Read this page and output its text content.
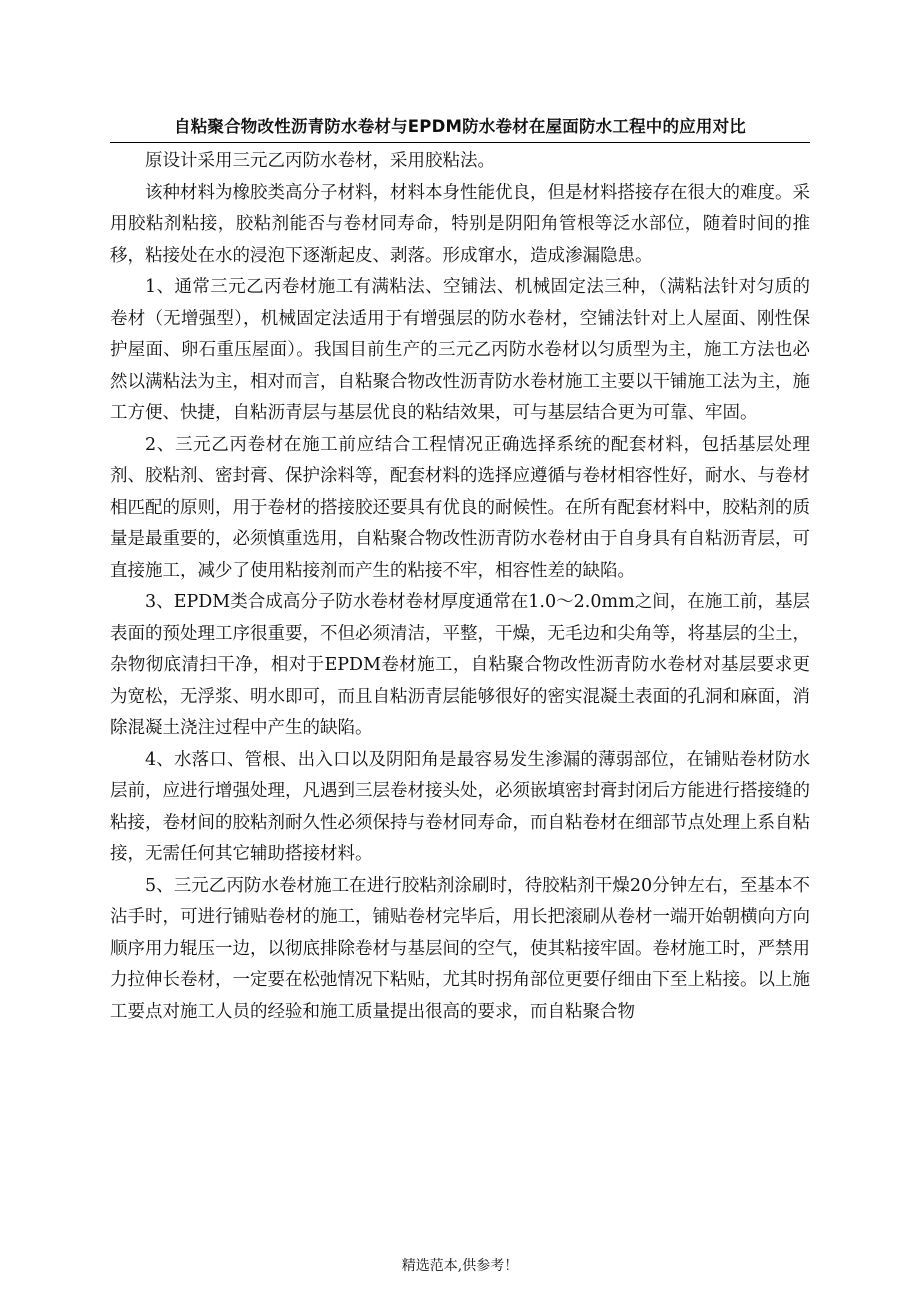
自粘聚合物改性沥青防水卷材与EPDM防水卷材在屋面防水工程中的应用对比

原设计采用三元乙丙防水卷材，采用胶粘法。

该种材料为橡胶类高分子材料，材料本身性能优良，但是材料搭接存在很大的难度。采用胶粘剂粘接，胶粘剂能否与卷材同寿命，特别是阴阳角管根等泛水部位，随着时间的推移，粘接处在水的浸泡下逐渐起皮、剥落。形成窜水，造成渗漏隐患。

1、通常三元乙丙卷材施工有满粘法、空铺法、机械固定法三种，（满粘法针对匀质的卷材（无增强型），机械固定法适用于有增强层的防水卷材，空铺法针对上人屋面、刚性保护屋面、卵石重压屋面）。我国目前生产的三元乙丙防水卷材以匀质型为主，施工方法也必然以满粘法为主，相对而言，自粘聚合物改性沥青防水卷材施工主要以干铺施工法为主，施工方便、快捷，自粘沥青层与基层优良的粘结效果，可与基层结合更为可靠、牢固。

2、三元乙丙卷材在施工前应结合工程情况正确选择系统的配套材料，包括基层处理剂、胶粘剂、密封膏、保护涂料等，配套材料的选择应遵循与卷材相容性好，耐水、与卷材相匹配的原则，用于卷材的搭接胶还要具有优良的耐候性。在所有配套材料中，胶粘剂的质量是最重要的，必须慎重选用，自粘聚合物改性沥青防水卷材由于自身具有自粘沥青层，可直接施工，减少了使用粘接剂而产生的粘接不牢，相容性差的缺陷。

3、EPDM类合成高分子防水卷材卷材厚度通常在1.0～2.0mm之间，在施工前，基层表面的预处理工序很重要，不但必须清洁，平整，干燥，无毛边和尖角等，将基层的尘土，杂物彻底清扫干净，相对于EPDM卷材施工，自粘聚合物改性沥青防水卷材对基层要求更为宽松，无浮浆、明水即可，而且自粘沥青层能够很好的密实混凝土表面的孔洞和麻面，消除混凝土浇注过程中产生的缺陷。

4、水落口、管根、出入口以及阴阳角是最容易发生渗漏的薄弱部位，在铺贴卷材防水层前，应进行增强处理，凡遇到三层卷材接头处，必须嵌填密封膏封闭后方能进行搭接缝的粘接，卷材间的胶粘剂耐久性必须保持与卷材同寿命，而自粘卷材在细部节点处理上系自粘接，无需任何其它辅助搭接材料。

5、三元乙丙防水卷材施工在进行胶粘剂涂刷时，待胶粘剂干燥20分钟左右，至基本不沾手时，可进行铺贴卷材的施工，铺贴卷材完毕后，用长把滚刷从卷材一端开始朝横向方向顺序用力辊压一边，以彻底排除卷材与基层间的空气，使其粘接牢固。卷材施工时，严禁用力拉伸长卷材，一定要在松弛情况下粘贴，尤其时拐角部位更要仔细由下至上粘接。以上施工要点对施工人员的经验和施工质量提出很高的要求，而自粘聚合物

精选范本,供参考！
